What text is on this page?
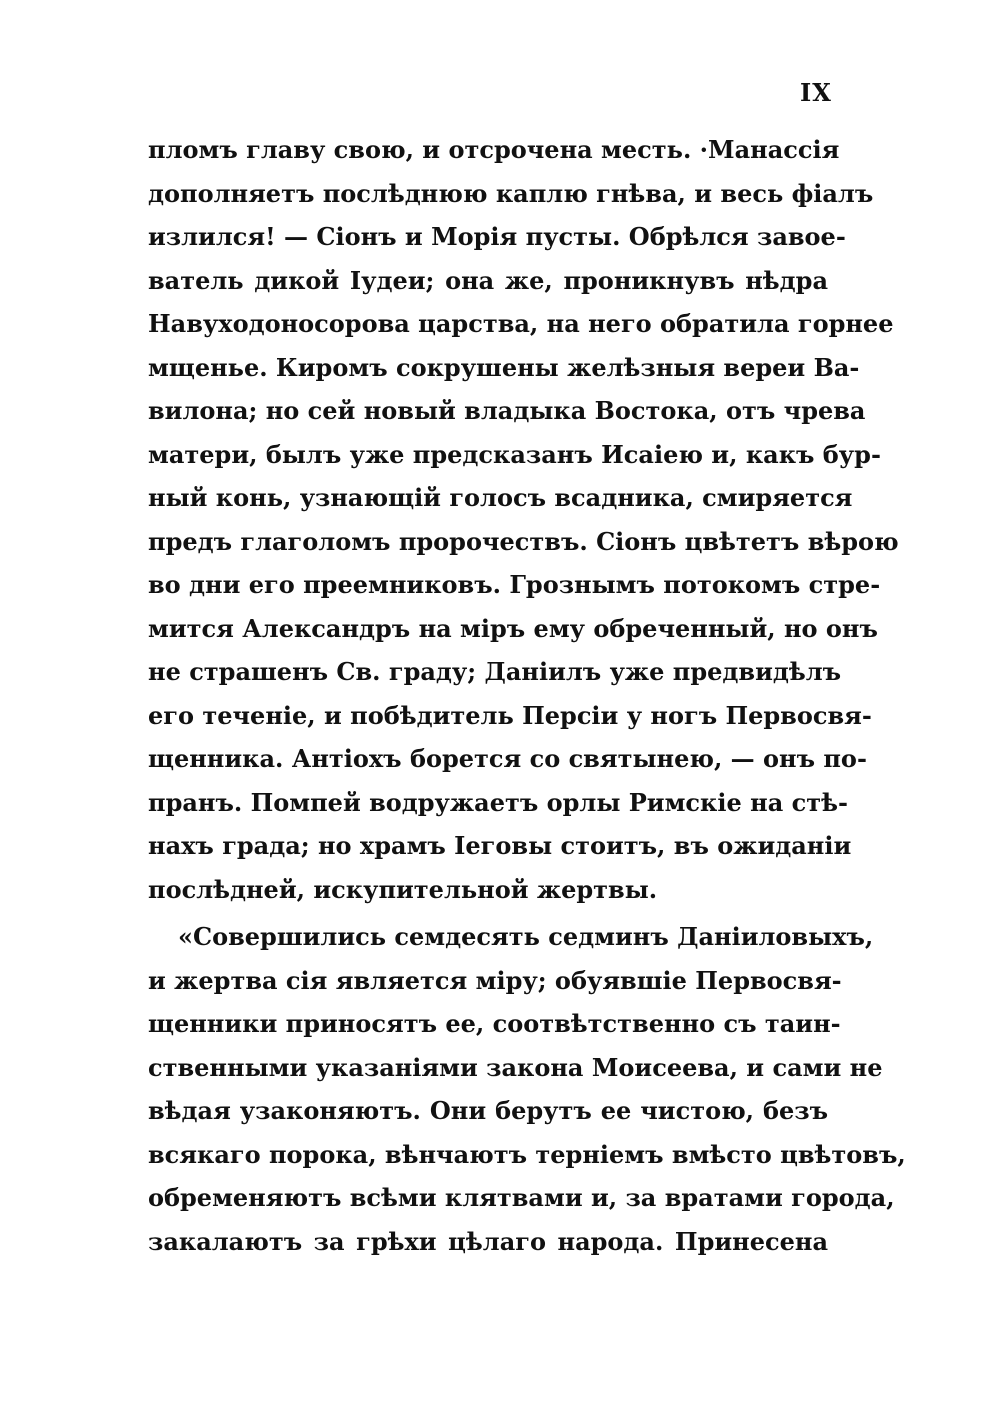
IX
пломъ главу свою, и отсрочена месть. ·Манассія
дополняетъ послѣднюю каплю гнѣва, и весь фіалъ
излился! — Сіонъ и Морія пусты. Обрѣлся завое-
ватель дикой Іудеи; она же, проникнувъ нѣдра
Навуходоносорова царства, на него обратила горнее
мщенье. Киромъ сокрушены желѣзныя вереи Ва-
вилона; но сей новый владыка Востока, отъ чрева
матери, былъ уже предсказанъ Исаіею и, какъ бур-
ный конь, узнающій голосъ всадника, смиряется
предъ глаголомъ пророчествъ. Сіонъ цвѣтетъ вѣрою
во дни его преемниковъ. Грознымъ потокомъ стре-
мится Александръ на міръ ему обреченный, но онъ
не страшенъ Св. граду; Даніилъ уже предвидѣлъ
его теченіе, и побѣдитель Персіи у ногъ Первосвя-
щенника. Антіохъ борется со святынею, — онъ по-
пранъ. Помпей водружаетъ орлы Римскіе на стѣ-
нахъ града; но храмъ Іеговы стоитъ, въ ожиданіи
послѣдней, искупительной жертвы.
«Совершились семдесять седминъ Даніиловыхъ,
и жертва сія является міру; обуявшіе Первосвя-
щенники приносятъ ее, соотвѣтственно съ таин-
ственными указаніями закона Моисеева, и сами не
вѣдая узаконяютъ. Они берутъ ее чистою, безъ
всякаго порока, вѣнчаютъ терніемъ вмѣсто цвѣтовъ,
обременяютъ всѣми клятвами и, за вратами города,
закалаютъ за грѣхи цѣлаго народа. Принесена
